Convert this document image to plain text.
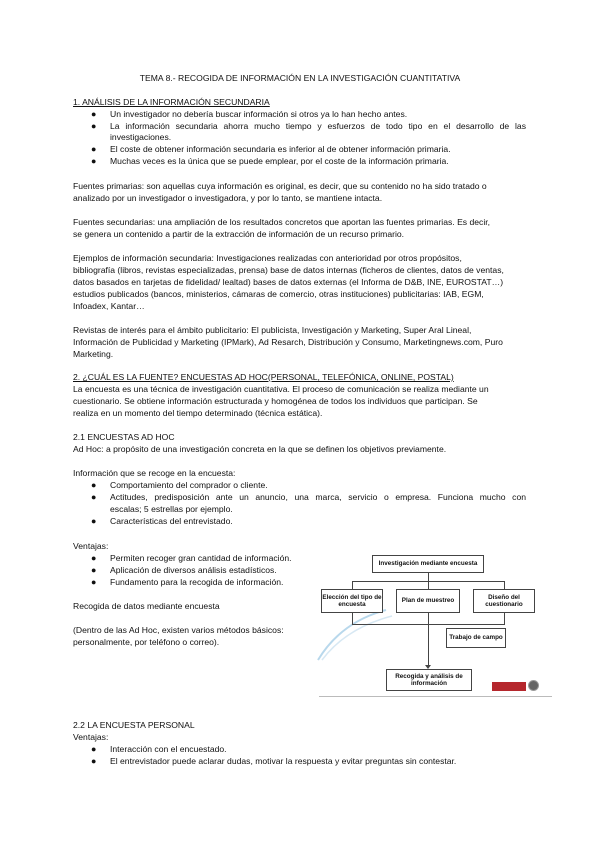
TEMA 8.- RECOGIDA DE INFORMACIÓN EN LA INVESTIGACIÓN CUANTITATIVA
1. ANÁLISIS DE LA INFORMACIÓN SECUNDARIA
● Un investigador no debería buscar información si otros ya lo han hecho antes.
● La información secundaria ahorra mucho tiempo y esfuerzos de todo tipo en el desarrollo de las
investigaciones.
● El coste de obtener información secundaria es inferior al de obtener información primaria.
● Muchas veces es la única que se puede emplear, por el coste de la información primaria.
Fuentes primarias: son aquellas cuya información es original, es decir, que su contenido no ha sido tratado o
analizado por un investigador o investigadora, y por lo tanto, se mantiene intacta.
Fuentes secundarias: una ampliación de los resultados concretos que aportan las fuentes primarias. Es decir,
se genera un contenido a partir de la extracción de información de un recurso primario.
Ejemplos de información secundaria: Investigaciones realizadas con anterioridad por otros propósitos,
bibliografía (libros, revistas especializadas, prensa) base de datos internas (ficheros de clientes, datos de ventas,
datos basados en tarjetas de fidelidad/ lealtad) bases de datos externas (el Informa de D&B, INE, EUROSTAT…)
estudios publicados (bancos, ministerios, cámaras de comercio, otras instituciones) publicitarias: IAB, EGM,
Infoadex, Kantar…
Revistas de interés para el ámbito publicitario: El publicista, Investigación y Marketing, Super Aral Lineal,
Información de Publicidad y Marketing (IPMark), Ad Resarch, Distribución y Consumo, Marketingnews.com, Puro
Marketing.
2. ¿CUÁL ES LA FUENTE? ENCUESTAS AD HOC(PERSONAL, TELEFÓNICA, ONLINE, POSTAL)
La encuesta es una técnica de investigación cuantitativa. El proceso de comunicación se realiza mediante un
cuestionario. Se obtiene información estructurada y homogénea de todos los individuos que participan. Se
realiza en un momento del tiempo determinado (técnica estática).
2.1 ENCUESTAS AD HOC
Ad Hoc: a propósito de una investigación concreta en la que se definen los objetivos previamente.
Información que se recoge en la encuesta:
● Comportamiento del comprador o cliente.
● Actitudes, predisposición ante un anuncio, una marca, servicio o empresa. Funciona mucho con
escalas; 5 estrellas por ejemplo.
● Características del entrevistado.
Ventajas:
● Permiten recoger gran cantidad de información.
● Aplicación de diversos análisis estadísticos.
● Fundamento para la recogida de información.
Recogida de datos mediante encuesta
(Dentro de las Ad Hoc, existen varios métodos básicos:
personalmente, por teléfono o correo).
Investigación mediante encuesta
Elección del tipo de encuesta
Plan de muestreo
Diseño del cuestionario
Trabajo de campo
Recogida y análisis de información
2.2 LA ENCUESTA PERSONAL
Ventajas:
● Interacción con el encuestado.
● El entrevistador puede aclarar dudas, motivar la respuesta y evitar preguntas sin contestar.
